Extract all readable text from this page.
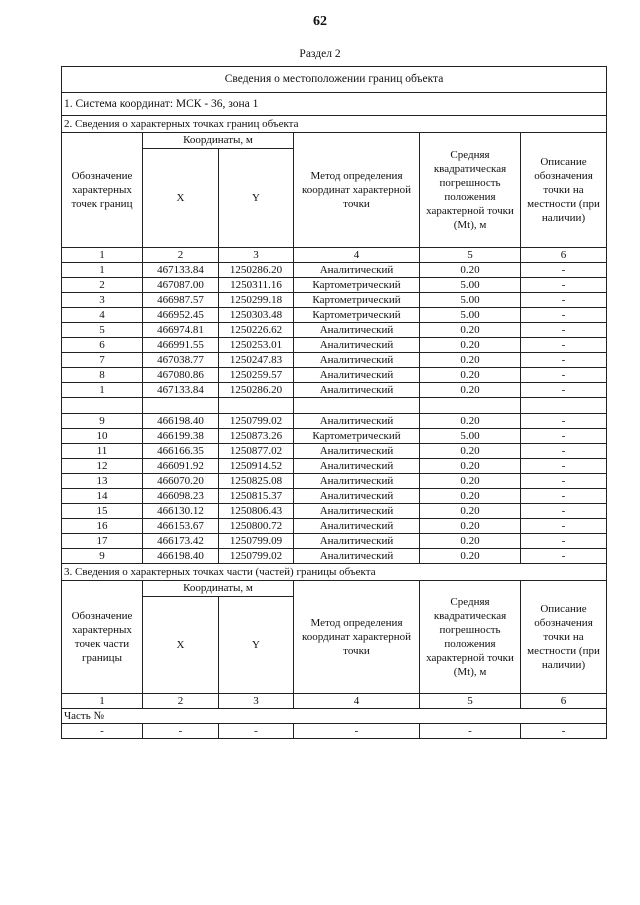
62
Раздел 2
Сведения о местоположении границ объекта					
1. Система координат: МСК - 36, зона 1					
2. Сведения о характерных точках границ объекта					
Обозначение характерных точек границ	Координаты, м		Метод определения координат характерной точки	Средняя квадратическая погрешность положения характерной точки (Mt), м	Описание обозначения точки на местности (при наличии)
	X	Y			
1	2	3	4	5	6
1	467133.84	1250286.20	Аналитический	0.20	-
2	467087.00	1250311.16	Картометрический	5.00	-
3	466987.57	1250299.18	Картометрический	5.00	-
4	466952.45	1250303.48	Картометрический	5.00	-
5	466974.81	1250226.62	Аналитический	0.20	-
6	466991.55	1250253.01	Аналитический	0.20	-
7	467038.77	1250247.83	Аналитический	0.20	-
8	467080.86	1250259.57	Аналитический	0.20	-
1	467133.84	1250286.20	Аналитический	0.20	-

9	466198.40	1250799.02	Аналитический	0.20	-
10	466199.38	1250873.26	Картометрический	5.00	-
11	466166.35	1250877.02	Аналитический	0.20	-
12	466091.92	1250914.52	Аналитический	0.20	-
13	466070.20	1250825.08	Аналитический	0.20	-
14	466098.23	1250815.37	Аналитический	0.20	-
15	466130.12	1250806.43	Аналитический	0.20	-
16	466153.67	1250800.72	Аналитический	0.20	-
17	466173.42	1250799.09	Аналитический	0.20	-
9	466198.40	1250799.02	Аналитический	0.20	-
3. Сведения о характерных точках части (частей) границы объекта					
Обозначение характерных точек части границы	Координаты, м		Метод определения координат характерной точки	Средняя квадратическая погрешность положения характерной точки (Mt), м	Описание обозначения точки на местности (при наличии)
	X	Y			
1	2	3	4	5	6
Часть №					
-	-	-	-	-	-
